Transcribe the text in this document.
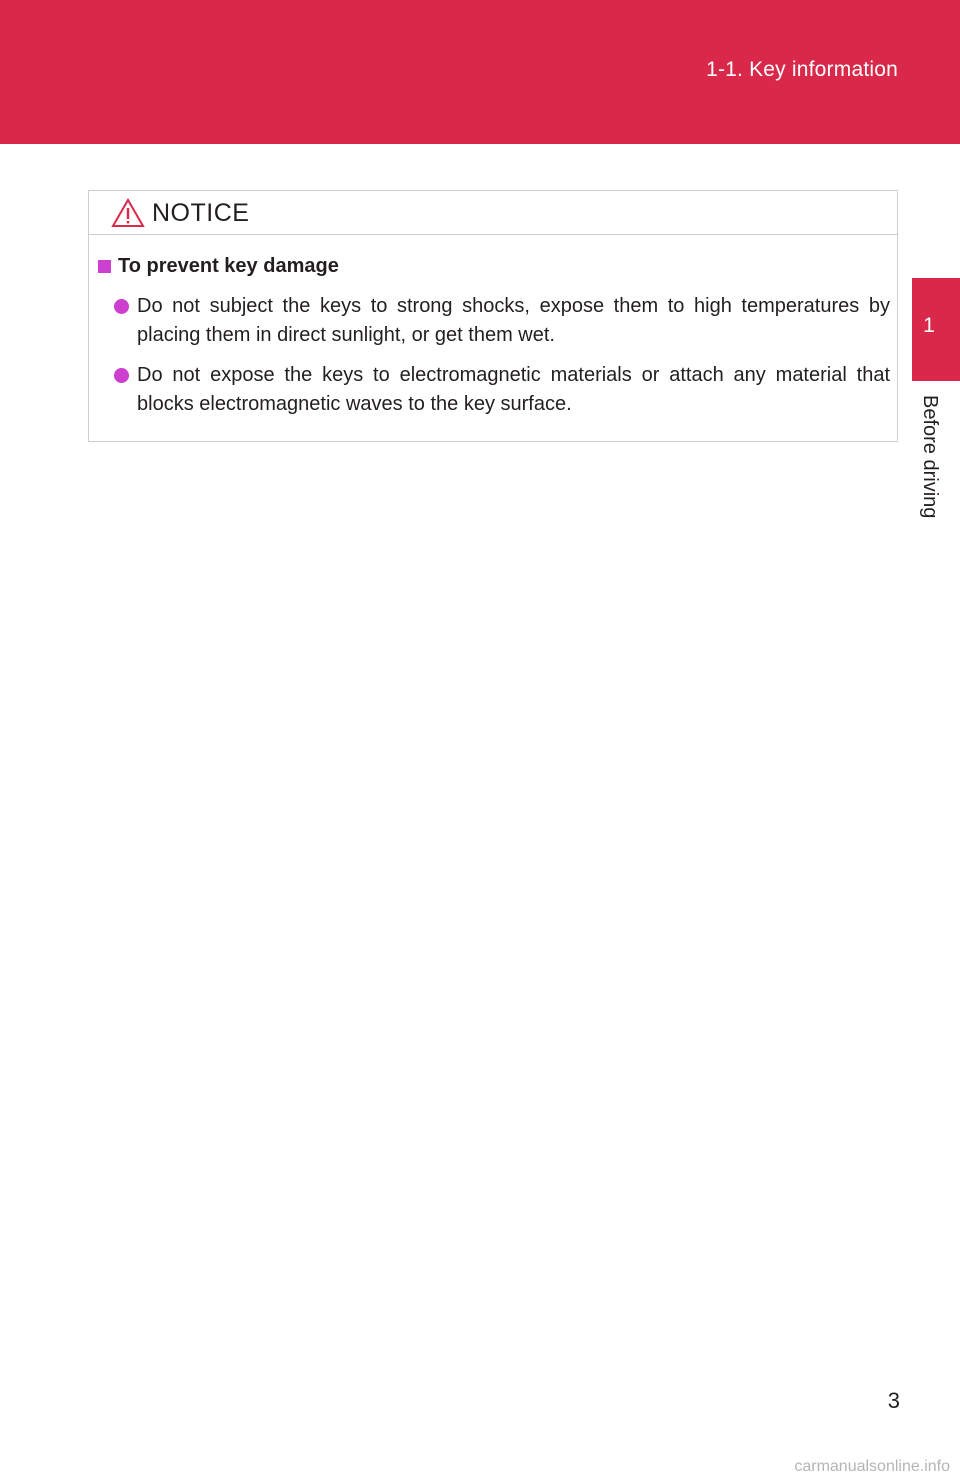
1-1. Key information
1
Before driving
NOTICE
To prevent key damage
Do not subject the keys to strong shocks, expose them to high temperatures by placing them in direct sunlight, or get them wet.
Do not expose the keys to electromagnetic materials or attach any material that blocks electromagnetic waves to the key surface.
3
carmanualsonline.info
